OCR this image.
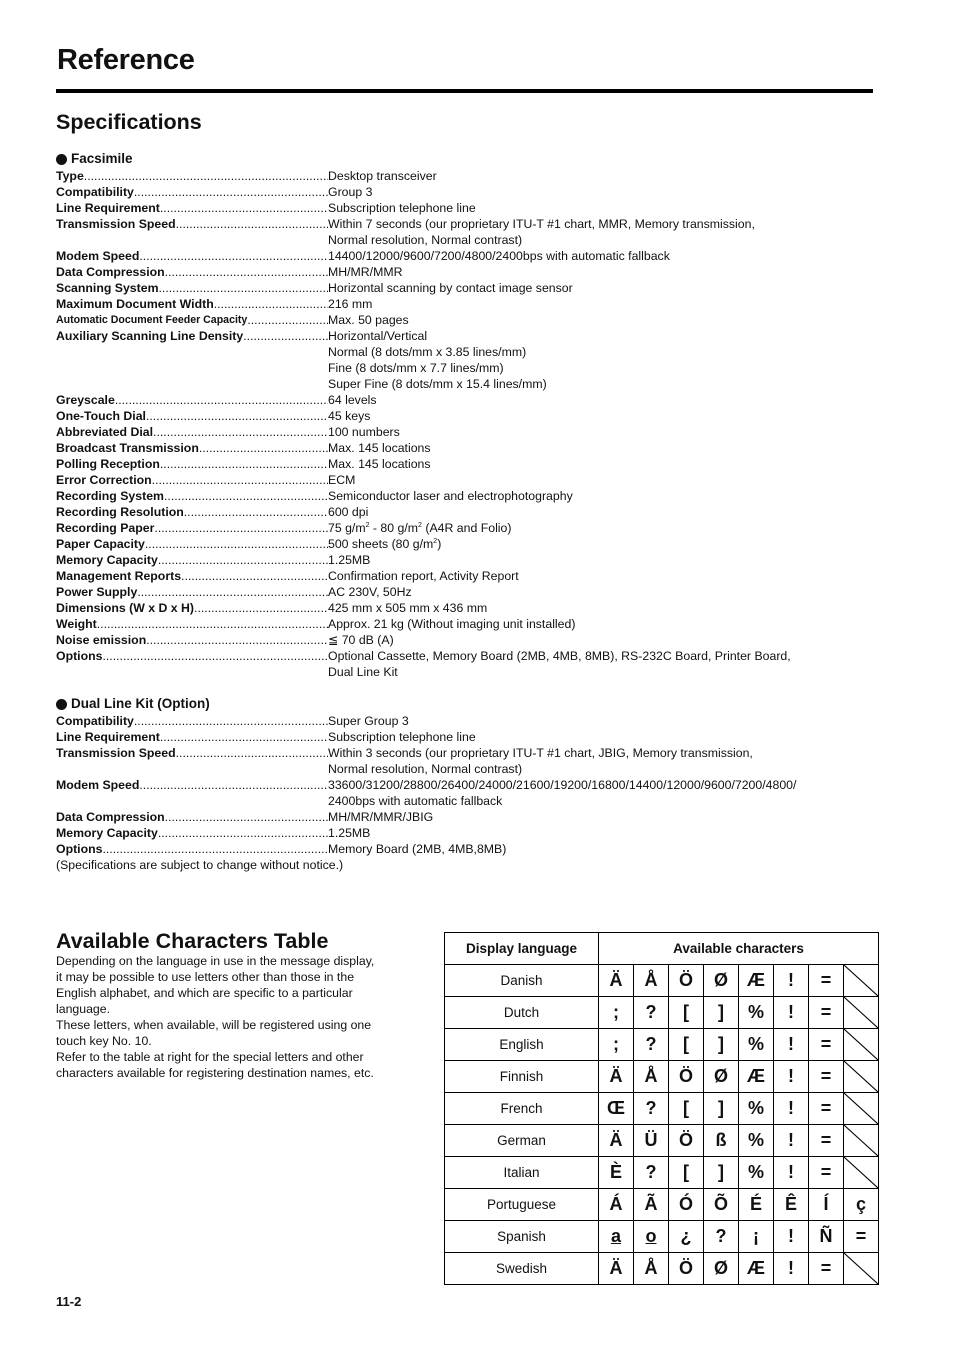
Reference
Specifications
Facsimile
Type .....	Desktop transceiver
Compatibility .....	Group 3
Line Requirement .....	Subscription telephone line
Transmission Speed .....	Within 7 seconds (our proprietary ITU-T #1 chart, MMR, Memory transmission,
Normal resolution, Normal contrast)
Modem Speed .....	14400/12000/9600/7200/4800/2400bps with automatic fallback
Data Compression .....	MH/MR/MMR
Scanning System .....	Horizontal scanning by contact image sensor
Maximum Document Width .....	216 mm
Automatic Document Feeder Capacity .....	Max. 50 pages
Auxiliary Scanning Line Density .....	Horizontal/Vertical
Normal (8 dots/mm x 3.85 lines/mm)
Fine (8 dots/mm x 7.7 lines/mm)
Super Fine (8 dots/mm x 15.4 lines/mm)
Greyscale .....	64 levels
One-Touch Dial .....	45 keys
Abbreviated Dial .....	100 numbers
Broadcast Transmission .....	Max. 145 locations
Polling Reception .....	Max. 145 locations
Error Correction .....	ECM
Recording System .....	Semiconductor laser and electrophotography
Recording Resolution .....	600 dpi
Recording Paper .....	75 $g/m^2 - 80$ $g/m^2$ (A4R and Folio)
Paper Capacity .....	500 sheets (80 $g/m^2$)
Memory Capacity .....	1.25MB
Management Reports .....	Confirmation report, Activity Report
Power Supply .....	AC 230V, 50Hz
Dimensions (W x D x H) .....	425 mm x 505 mm x 436 mm
Weight .....	Approx. 21 kg (Without imaging unit installed)
Noise emission .....	≦ 70 dB (A)
Options .....	Optional Cassette, Memory Board (2MB, 4MB, 8MB), RS-232C Board, Printer Board,
Dual Line Kit
Dual Line Kit (Option)
Compatibility .....	Super Group 3
Line Requirement .....	Subscription telephone line
Transmission Speed .....	Within 3 seconds (our proprietary ITU-T #1 chart, JBIG, Memory transmission,
Normal resolution, Normal contrast)
Modem Speed .....	33600/31200/28800/26400/24000/21600/19200/16800/14400/12000/9600/7200/4800/
2400bps with automatic fallback
Data Compression .....	MH/MR/MMR/JBIG
Memory Capacity .....	1.25MB
Options .....	Memory Board (2MB, 4MB,8MB)
(Specifications are subject to change without notice.)
Available Characters Table
Depending on the language in use in the message display,
it may be possible to use letters other than those in the
English alphabet, and which are specific to a particular
language.
These letters, when available, will be registered using one
touch key No. 10.
Refer to the table at right for the special letters and other
characters available for registering destination names, etc.
Display language	Available characters							
Danish	Ä	Å	Ö	Ø	Æ	!	=	

Dutch	;	?	[	]	%	!	=	

English	;	?	[	]	%	!	=	

Finnish	Ä	Å	Ö	Ø	Æ	!	=	

French	Œ	?	[	]	%	!	=	

German	Ä	Ü	Ö	ß	%	!	=	

Italian	È	?	[	]	%	!	=	

Portuguese	Á	Ã	Ó	Õ	É	Ê	Í	ç
Spanish	a	o	¿	?	¡	!	Ñ	=
Swedish	Ä	Å	Ö	Ø	Æ	!	=	
11-2
